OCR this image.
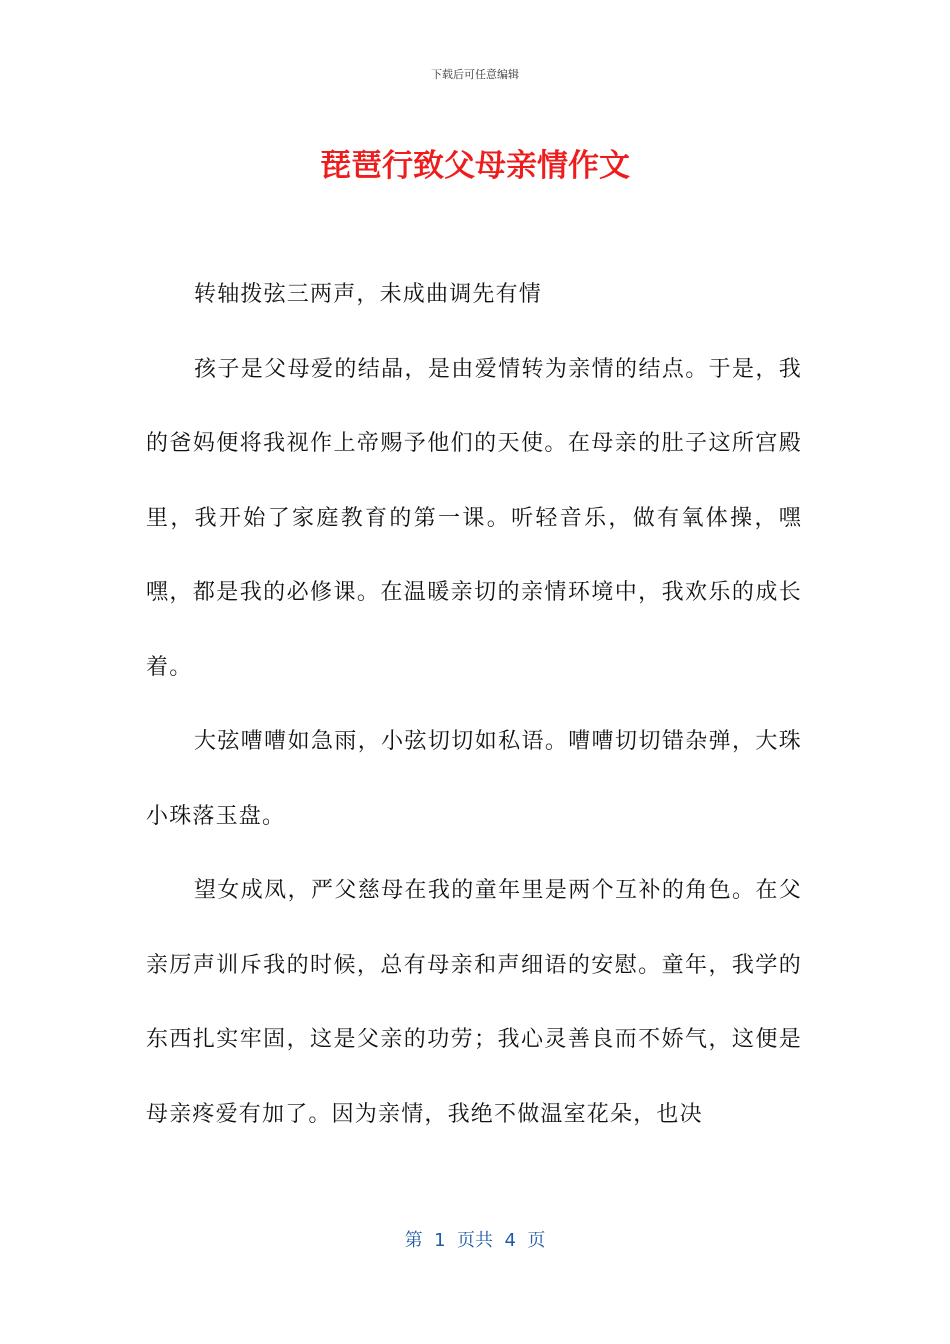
下载后可任意编辑
琵琶行致父母亲情作文

转轴拨弦三两声，未成曲调先有情

孩子是父母爱的结晶，是由爱情转为亲情的结点。于是，我的爸妈便将我视作上帝赐予他们的天使。在母亲的肚子这所宫殿里，我开始了家庭教育的第一课。听轻音乐，做有氧体操，嘿嘿，都是我的必修课。在温暖亲切的亲情环境中，我欢乐的成长着。

大弦嘈嘈如急雨，小弦切切如私语。嘈嘈切切错杂弹，大珠小珠落玉盘。

望女成凤，严父慈母在我的童年里是两个互补的角色。在父亲厉声训斥我的时候，总有母亲和声细语的安慰。童年，我学的东西扎实牢固，这是父亲的功劳；我心灵善良而不娇气，这便是母亲疼爱有加了。因为亲情，我绝不做温室花朵，也决

第  1  页共  4  页
